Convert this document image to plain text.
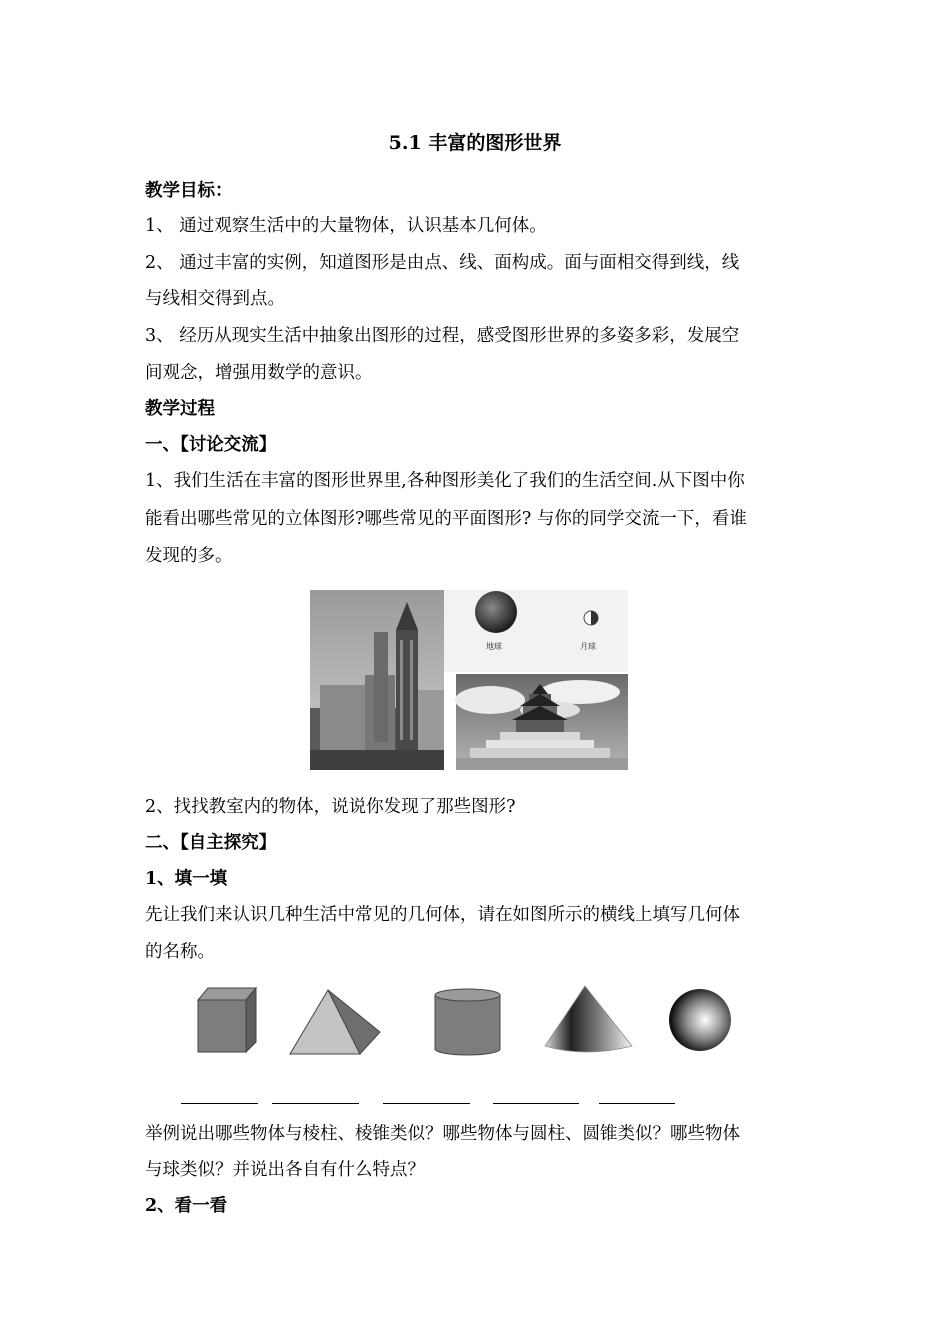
5.1 丰富的图形世界
教学目标：
1、 通过观察生活中的大量物体，认识基本几何体。
2、 通过丰富的实例，知道图形是由点、线、面构成。面与面相交得到线，线
与线相交得到点。
3、 经历从现实生活中抽象出图形的过程，感受图形世界的多姿多彩，发展空
间观念，增强用数学的意识。
教学过程
一、【讨论交流】
1、我们生活在丰富的图形世界里,各种图形美化了我们的生活空间.从下图中你
能看出哪些常见的立体图形?哪些常见的平面图形? 与你的同学交流一下，看谁
发现的多。
地球	月球
2、找找教室内的物体，说说你发现了那些图形?
二、【自主探究】
1、填一填
先让我们来认识几种生活中常见的几何体，请在如图所示的横线上填写几何体
的名称。
举例说出哪些物体与棱柱、棱锥类似？哪些物体与圆柱、圆锥类似？哪些物体
与球类似？并说出各自有什么特点？
2、看一看
